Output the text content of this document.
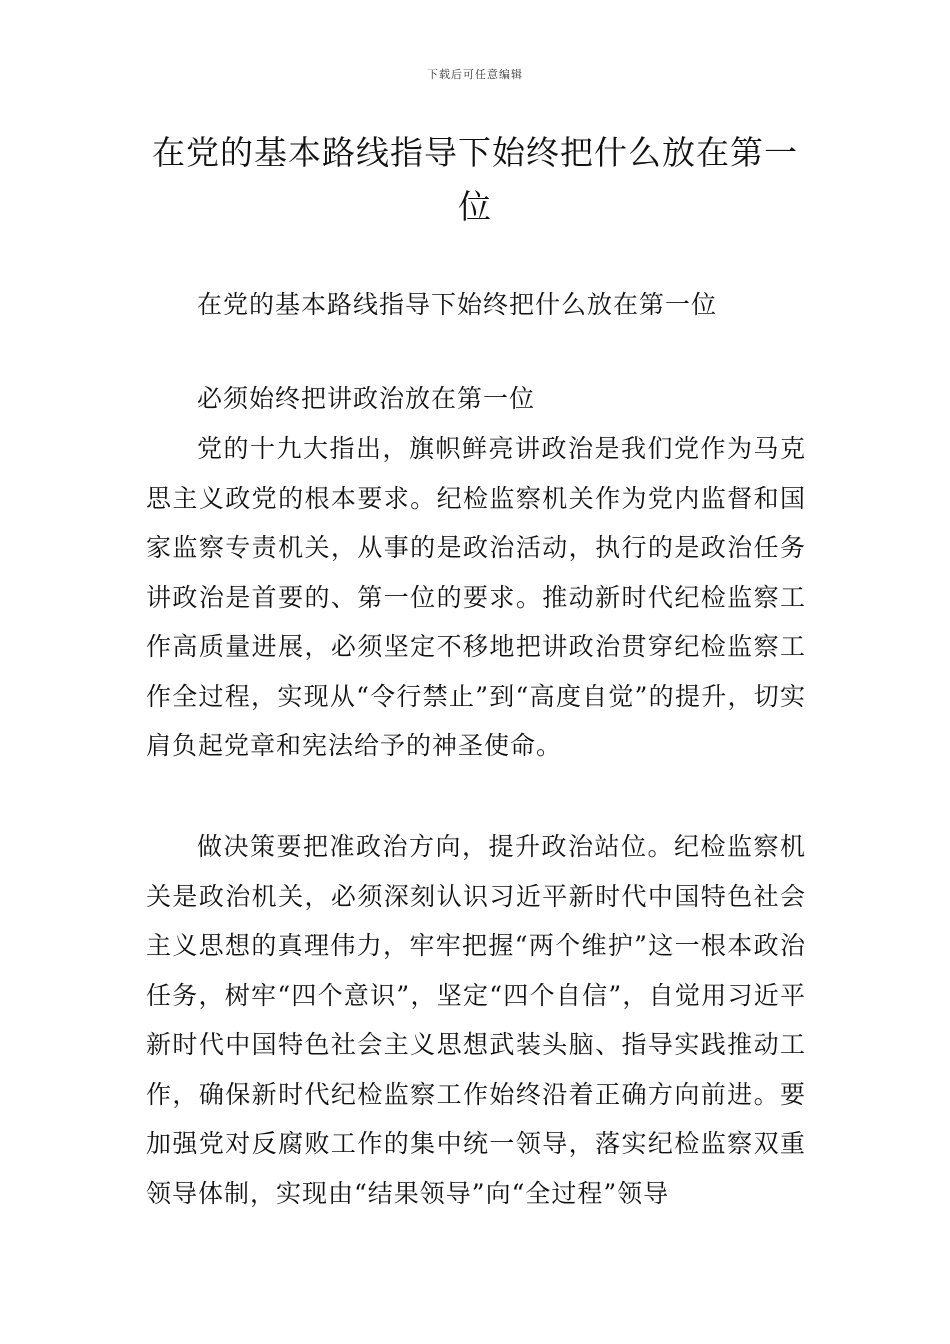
下载后可任意编辑
在党的基本路线指导下始终把什么放在第一位

在党的基本路线指导下始终把什么放在第一位

必须始终把讲政治放在第一位

党的十九大指出，旗帜鲜亮讲政治是我们党作为马克思主义政党的根本要求。纪检监察机关作为党内监督和国家监察专责机关，从事的是政治活动，执行的是政治任务讲政治是首要的、第一位的要求。推动新时代纪检监察工作高质量进展，必须坚定不移地把讲政治贯穿纪检监察工作全过程，实现从“令行禁止”到“高度自觉”的提升，切实肩负起党章和宪法给予的神圣使命。

做决策要把准政治方向，提升政治站位。纪检监察机关是政治机关，必须深刻认识习近平新时代中国特色社会主义思想的真理伟力，牢牢把握“两个维护”这一根本政治任务，树牢“四个意识”，坚定“四个自信”，自觉用习近平新时代中国特色社会主义思想武装头脑、指导实践推动工作，确保新时代纪检监察工作始终沿着正确方向前进。要加强党对反腐败工作的集中统一领导，落实纪检监察双重领导体制，实现由“结果领导”向“全过程”领导
